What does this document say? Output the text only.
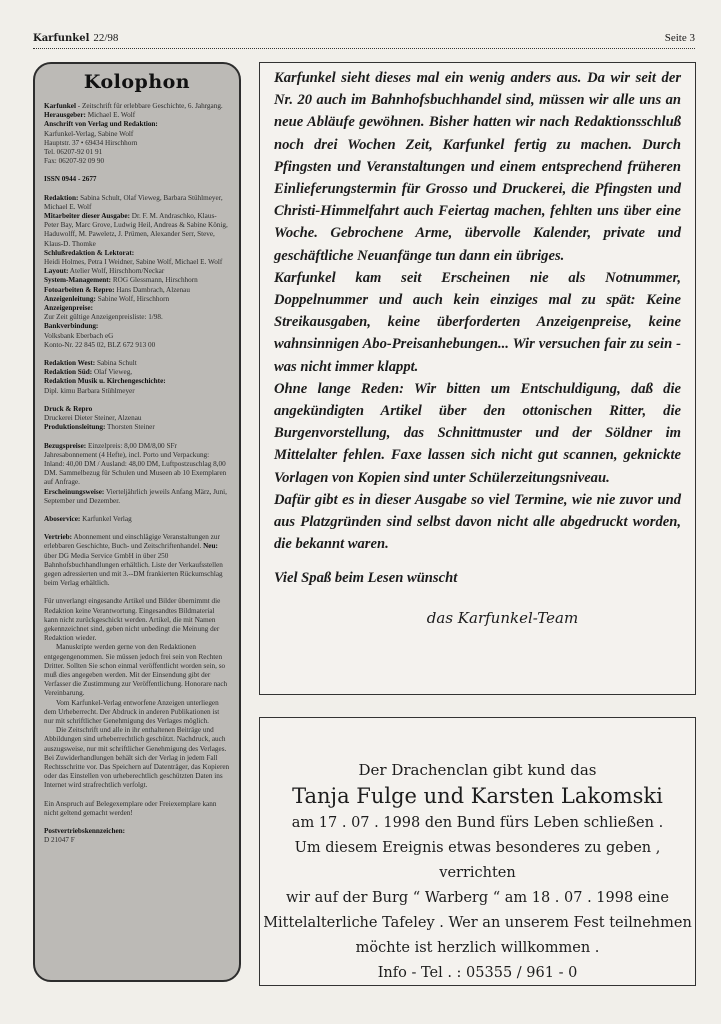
Karfunkel 22/98	Seite 3
Kolophon

Karfunkel - Zeitschrift für erlebbare Geschichte, 6. Jahrgang.

Herausgeber: Michael E. Wolf

Anschrift von Verlag und Redaktion:

Karfunkel-Verlag, Sabine Wolf

Hauptstr. 37 • 69434 Hirschhorn

Tel. 06207-92 01 91

Fax: 06207-92 09 90

ISSN 0944 - 2677

Redaktion: Sabina Schult, Olaf Vieweg, Barbara Stühlmeyer, Michael E. Wolf

Mitarbeiter dieser Ausgabe: Dr. F. M. Andraschko, Klaus-Peter Bay, Marc Grove, Ludwig Heil, Andreas & Sabine König, Haduwolff, M. Paweletz, J. Prümen, Alexander Serr, Steve, Klaus-D. Thomke

Schlußredaktion & Lektorat:

Heidi Holmes, Petra I Weidner, Sabine Wolf, Michael E. Wolf

Layout: Atelier Wolf, Hirschhorn/Neckar

System-Management: ROG Glessmann, Hirschhorn

Fotoarbeiten & Repro: Hans Dambrach, Alzenau

Anzeigenleitung: Sabine Wolf, Hirschhorn

Anzeigenpreise:

Zur Zeit gültige Anzeigenpreisliste: 1/98.

Bankverbindung:

Volksbank Eberbach eG

Konto-Nr. 22 845 02, BLZ 672 913 00

Redaktion West: Sabina Schult

Redaktion Süd: Olaf Vieweg,

Redaktion Musik u. Kirchengeschichte:

Dipl. kimu Barbara Stühlmeyer

Druck & Repro

Druckerei Dieter Steiner, Alzenau

Produktionsleitung: Thorsten Steiner

Bezugspreise: Einzelpreis: 8,00 DM/8,00 SFr Jahresabonnement (4 Hefte), incl. Porto und Verpackung: Inland: 40,00 DM / Ausland: 48,00 DM, Luftpostzuschlag 8,00 DM. Sammelbezug für Schulen und Museen ab 10 Exemplaren auf Anfrage.

Erscheinungsweise: Vierteljährlich jeweils Anfang März, Juni, September und Dezember.

Aboservice: Karfunkel Verlag

Vertrieb: Abonnement und einschlägige Veranstaltungen zur erlebbaren Geschichte, Buch- und Zeitschriftenhandel. Neu: über DG Media Service GmbH in über 250 Bahnhofsbuchhandlungen erhältlich. Liste der Verkaufsstellen gegen adressierten und mit 3.--DM frankierten Rückumschlag beim Verlag erhältlich.

Für unverlangt eingesandte Artikel und Bilder übernimmt die Redaktion keine Verantwortung. Eingesandtes Bildmaterial kann nicht zurückgeschickt werden. Artikel, die mit Namen gekennzeichnet sind, geben nicht unbedingt die Meinung der Redaktion wieder.

Manuskripte werden gerne von den Redaktionen entgegengenommen. Sie müssen jedoch frei sein von Rechten Dritter. Sollten Sie schon einmal veröffentlicht worden sein, so muß dies angegeben werden. Mit der Einsendung gibt der Verfasser die Zustimmung zur Veröffentlichung. Honorare nach Vereinbarung.

Vom Karfunkel-Verlag entworfene Anzeigen unterliegen dem Urheberrecht. Der Abdruck in anderen Publikationen ist nur mit schriftlicher Genehmigung des Verlages möglich.

Die Zeitschrift und alle in ihr enthaltenen Beiträge und Abbildungen sind urheberrechtlich geschützt. Nachdruck, auch auszugsweise, nur mit schriftlicher Genehmigung des Verlages. Bei Zuwiderhandlungen behält sich der Verlag in jedem Fall Rechtsschritte vor. Das Speichern auf Datenträger, das Kopieren oder das Einstellen von urheberechtlich geschützten Daten ins Internet wird strafrechtlich verfolgt.

Ein Anspruch auf Belegexemplare oder Freiexemplare kann nicht geltend gemacht werden!

Postvertriebskennzeichen:

D 21047 F

Karfunkel sieht dieses mal ein wenig anders aus. Da wir seit der Nr. 20 auch im Bahnhofsbuchhandel sind, müssen wir alle uns an neue Abläufe gewöhnen. Bisher hatten wir nach Redaktionsschluß noch drei Wochen Zeit, Karfunkel fertig zu machen. Durch Pfingsten und Veranstaltungen und einem entsprechend früheren Einlieferungstermin für Grosso und Druckerei, die Pfingsten und Christi-Himmelfahrt auch Feiertag machen, fehlten uns über eine Woche. Gebrochene Arme, übervolle Kalender, private und geschäftliche Neuanfänge tun dann ein übriges.

Karfunkel kam seit Erscheinen nie als Notnummer, Doppelnummer und auch kein einziges mal zu spät: Keine Streikausgaben, keine überforderten Anzeigenpreise, keine wahnsinnigen Abo-Preisanhebungen... Wir versuchen fair zu sein - was nicht immer klappt.

Ohne lange Reden: Wir bitten um Entschuldigung, daß die angekündigten Artikel über den ottonischen Ritter, die Burgenvorstellung, das Schnittmuster und der Söldner im Mittelalter fehlen. Faxe lassen sich nicht gut scannen, geknickte Vorlagen von Kopien sind unter Schülerzeitungsniveau.

Dafür gibt es in dieser Ausgabe so viel Termine, wie nie zuvor und aus Platzgründen sind selbst davon nicht alle abgedruckt worden, die bekannt waren.

Viel Spaß beim Lesen wünscht

das Karfunkel-Team

Der Drachenclan gibt kund das
Tanja Fulge und Karsten Lakomski
am 17 . 07 . 1998 den Bund fürs Leben schließen .
Um diesem Ereignis etwas besonderes zu geben , verrichten
wir auf der Burg “ Warberg “ am 18 . 07 . 1998 eine
Mittelalterliche Tafeley . Wer an unserem Fest teilnehmen
möchte ist herzlich willkommen .
Info - Tel . : 05355 / 961 - 0
